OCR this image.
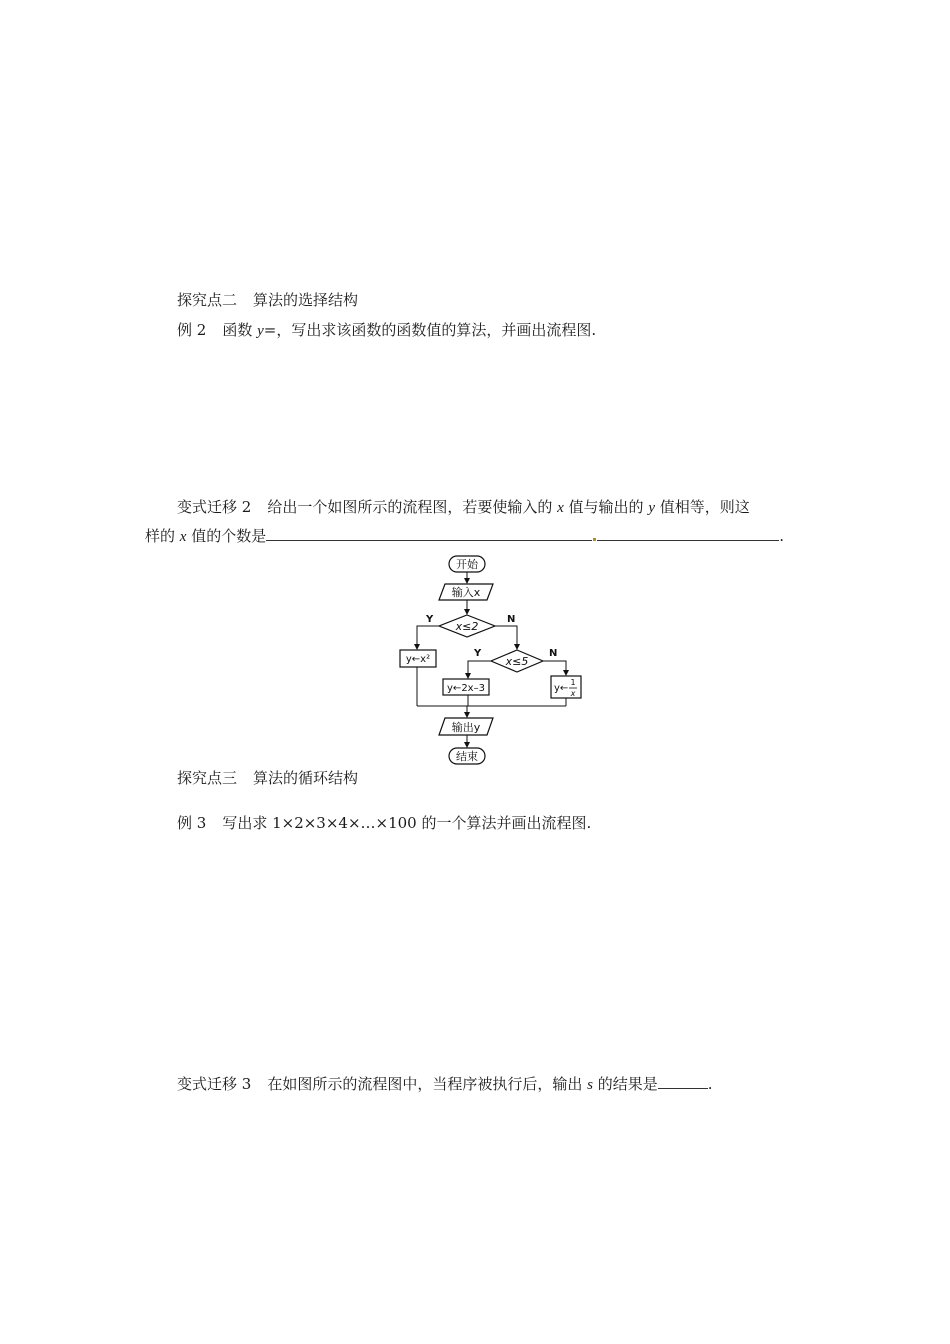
探究点二 算法的选择结构
例 2 函数 y=，写出求该函数的函数值的算法，并画出流程图.
变式迁移 2 给出一个如图所示的流程图，若要使输入的 x 值与输出的 y 值相等，则这
样的 x 值的个数是	.
开始
输入x
x≤2
Y
y←x²
N
x≤5
Y
y←2x–3
N
y←
1
x
输出y
结束
探究点三 算法的循环结构
例 3 写出求 1×2×3×4×…×100 的一个算法并画出流程图.
变式迁移 3 在如图所示的流程图中，当程序被执行后，输出 s 的结果是	.
